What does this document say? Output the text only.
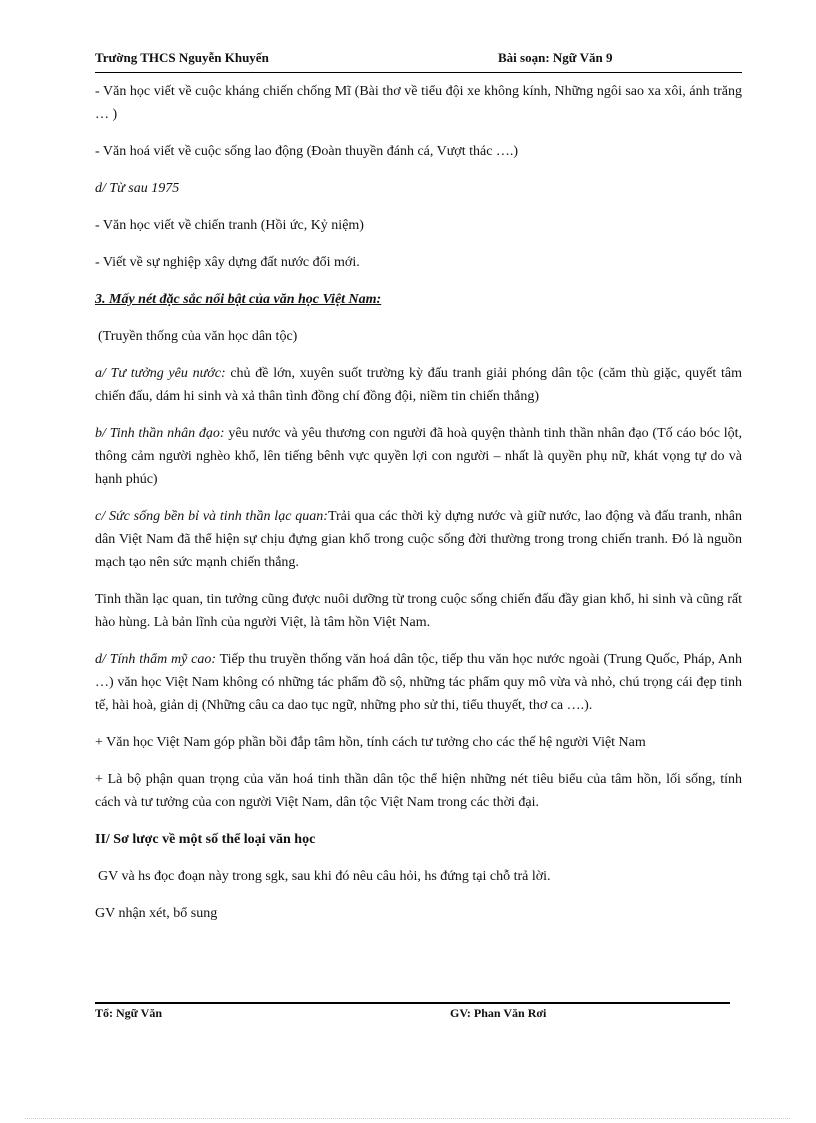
Trường THCS Nguyễn Khuyến	Bài soạn: Ngữ Văn 9

- Văn học viết về cuộc kháng chiến chống Mĩ (Bài thơ về tiểu đội xe không kính, Những ngôi sao xa xôi, ánh trăng … )

- Văn hoá viết về cuộc sống lao động (Đoàn thuyền đánh cá, Vượt thác ….)

d/ Từ sau 1975

- Văn học viết về chiến tranh (Hồi ức, Kỷ niệm)

- Viết về sự nghiệp xây dựng đất nước đổi mới.

3. Mấy nét đặc sắc nổi bật của văn học Việt Nam:

(Truyền thống của văn học dân tộc)

a/ Tư tưởng yêu nước: chủ đề lớn, xuyên suốt trường kỳ đấu tranh giải phóng dân tộc (căm thù giặc, quyết tâm chiến đấu, dám hi sinh và xả thân tình đồng chí đồng đội, niềm tin chiến thắng)

b/ Tinh thần nhân đạo: yêu nước và yêu thương con người đã hoà quyện thành tinh thần nhân đạo (Tố cáo bóc lột, thông cảm người nghèo khổ, lên tiếng bênh vực quyền lợi con người – nhất là quyền phụ nữ, khát vọng tự do và hạnh phúc)

c/ Sức sống bền bỉ và tinh thần lạc quan:Trải qua các thời kỳ dựng nước và giữ nước, lao động và đấu tranh, nhân dân Việt Nam đã thể hiện sự chịu đựng gian khổ trong cuộc sống đời thường trong trong chiến tranh. Đó là nguồn mạch tạo nên sức mạnh chiến thắng.

Tinh thần lạc quan, tin tưởng cũng được nuôi dưỡng từ trong cuộc sống chiến đấu đầy gian khổ, hi sinh và cũng rất hào hùng. Là bản lĩnh của người Việt, là tâm hồn Việt Nam.

d/ Tính thẩm mỹ cao: Tiếp thu truyền thống văn hoá dân tộc, tiếp thu văn học nước ngoài (Trung Quốc, Pháp, Anh …) văn học Việt Nam không có những tác phẩm đồ sộ, những tác phẩm quy mô vừa và nhỏ, chú trọng cái đẹp tinh tế, hài hoà, giản dị (Những câu ca dao tục ngữ, những pho sử thi, tiểu thuyết, thơ ca ….).

+ Văn học Việt Nam góp phần bồi đắp tâm hồn, tính cách tư tưởng cho các thế hệ người Việt Nam

+ Là bộ phận quan trọng của văn hoá tinh thần dân tộc thể hiện những nét tiêu biểu của tâm hồn, lối sống, tính cách và tư tưởng của con người Việt Nam, dân tộc Việt Nam trong các thời đại.

II/ Sơ lược về một số thể loại văn học

GV và hs đọc đoạn này trong sgk, sau khi đó nêu câu hỏi, hs đứng tại chỗ trả lời.

GV nhận xét, bổ sung

Tổ: Ngữ Văn	GV: Phan Văn Rơi
